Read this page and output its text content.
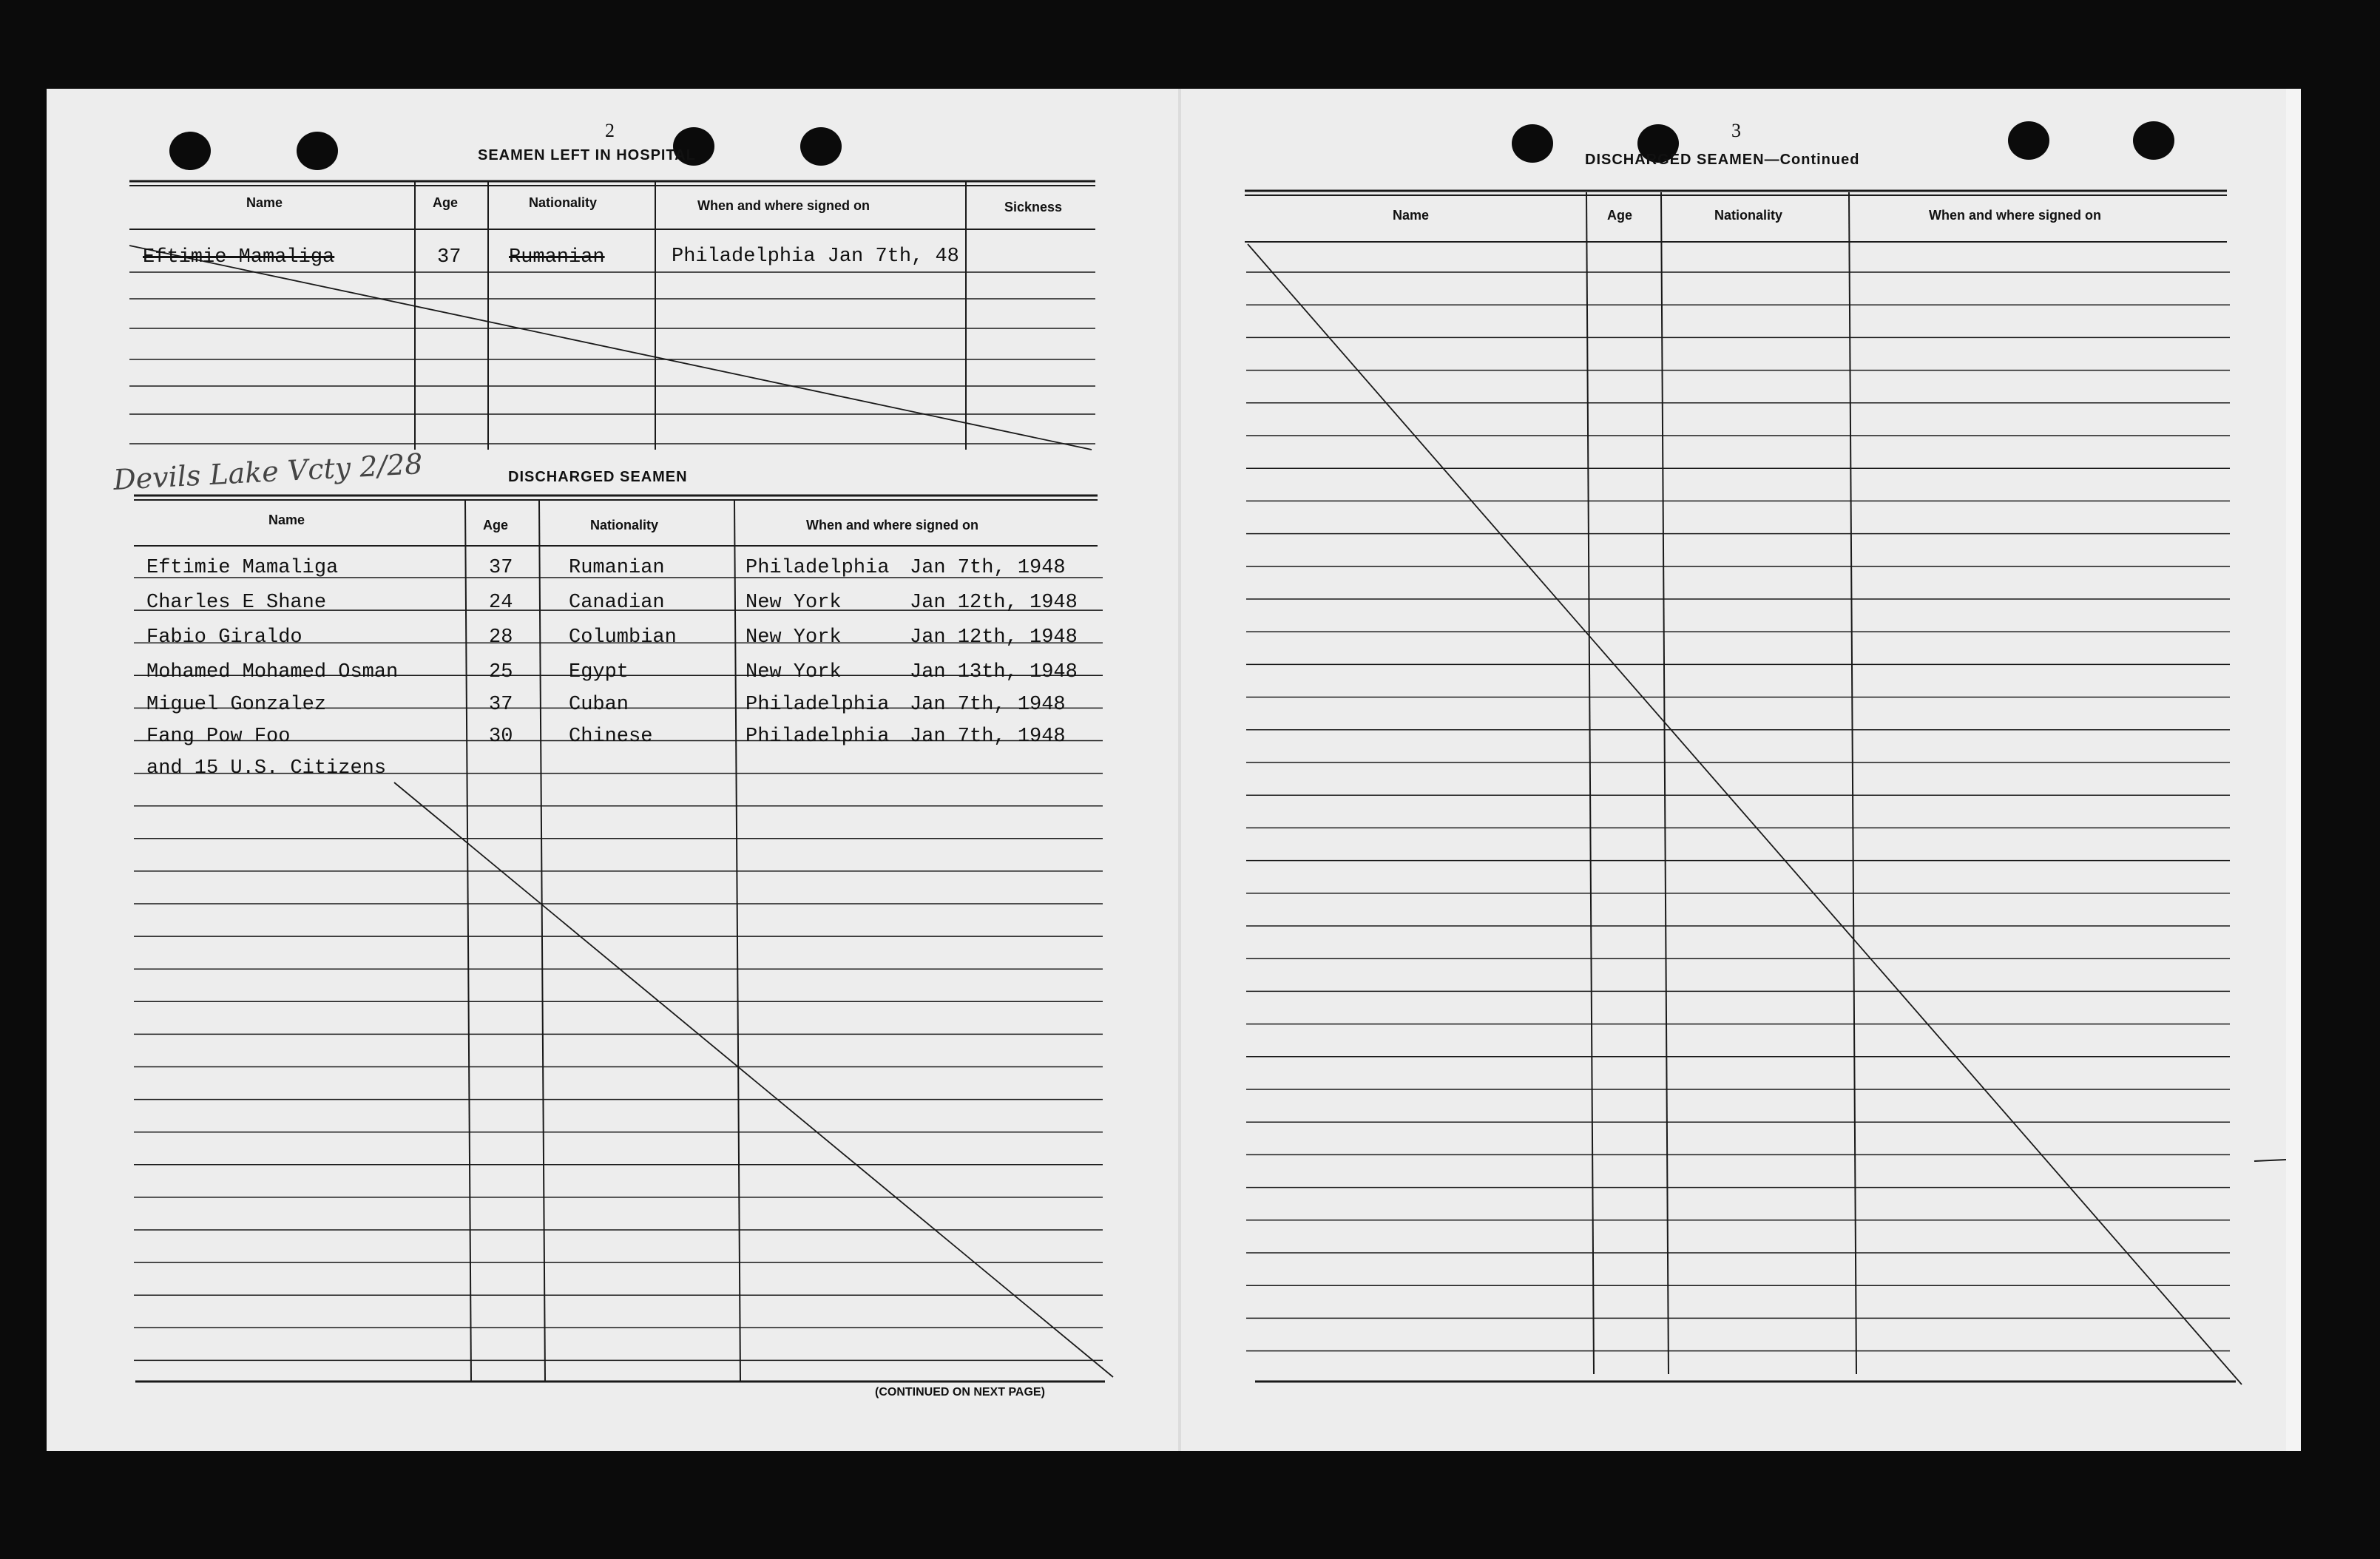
2
SEAMEN LEFT IN HOSPITAL
Name	Age	Nationality	When and where signed on	Sickness
Eftimie Mamaliga	37 Rumanian	Philadelphia Jan 7th, 48
Devils Lake Vcty 2/28	DISCHARGED SEAMEN
Name	Age	Nationality	When and where signed on
Eftimie Mamaliga	37	Rumanian	Philadelphia Jan 7th, 1948
Charles E Shane	24	Canadian	New York	Jan 12th, 1948
Fabio Giraldo	28	Columbian	New York	Jan 12th, 1948
Mohamed Mohamed Osman	25	Egypt	New York	Jan 13th, 1948
Miguel Gonzalez	37	Cuban	Philadelphia Jan 7th, 1948
Fang Pow Foo	30	Chinese	Philadelphia Jan 7th, 1948
and 15 U.S. Citizens
(CONTINUED ON NEXT PAGE)
3
DISCHARGED SEAMEN—Continued
Name	Age	Nationality	When and where signed on
